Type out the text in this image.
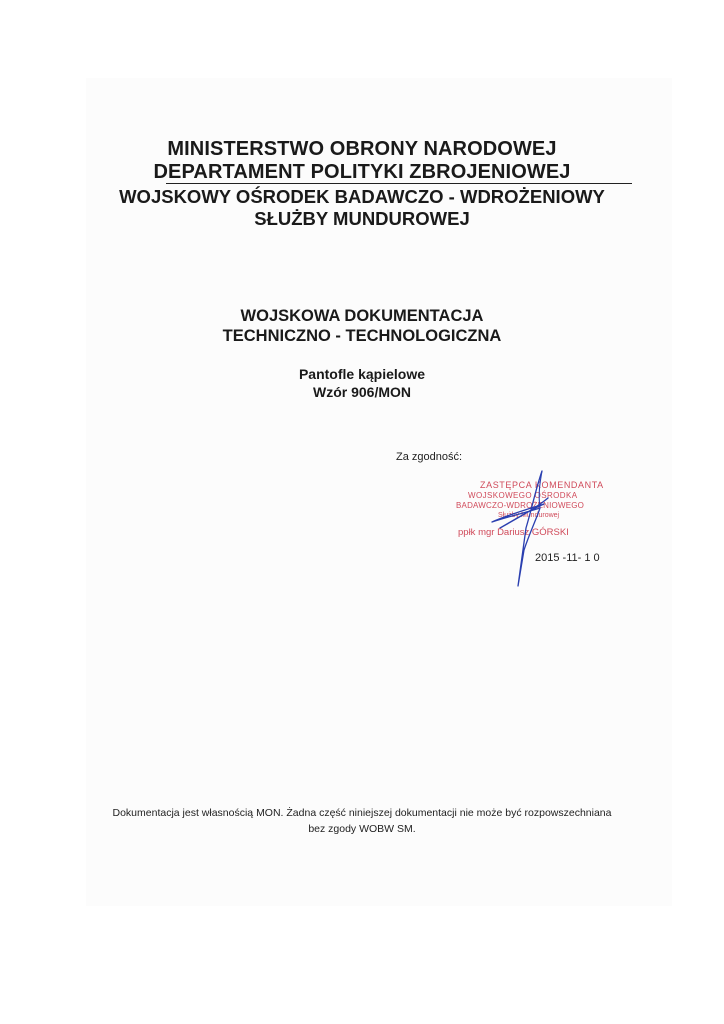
MINISTERSTWO OBRONY NARODOWEJ
DEPARTAMENT POLITYKI ZBROJENIOWEJ
WOJSKOWY OŚRODEK BADAWCZO - WDROŻENIOWY
SŁUŻBY MUNDUROWEJ
WOJSKOWA DOKUMENTACJA
TECHNICZNO - TECHNOLOGICZNA
Pantofle kąpielowe
Wzór 906/MON
Za zgodność:
ZASTĘPCA KOMENDANTA
WOJSKOWEGO OŚRODKA
BADAWCZO-WDROŻENIOWEGO
Służby Mundurowej
ppłk mgr Dariusz GÓRSKI
2015 -11- 1 0
Dokumentacja jest własnością MON. Żadna część niniejszej dokumentacji nie może być rozpowszechniana
bez zgody WOBW SM.
